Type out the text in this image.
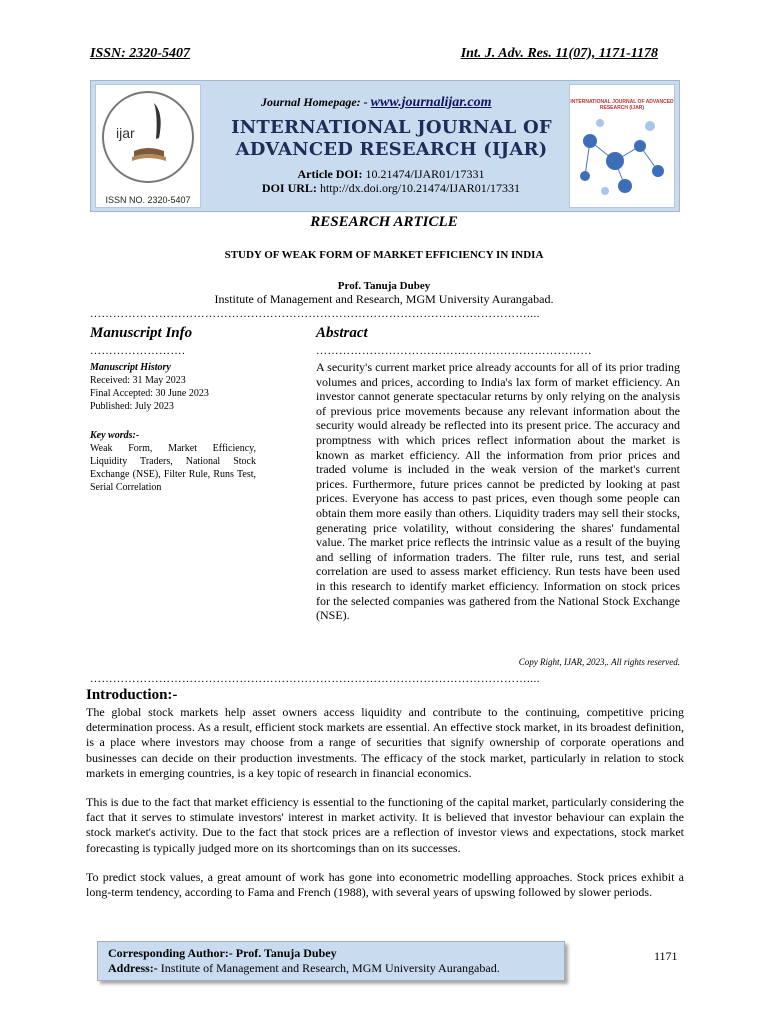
ISSN: 2320-5407	Int. J. Adv. Res. 11(07), 1171-1178
ijar
ISSN NO. 2320-5407
Journal Homepage: - www.journalijar.com
INTERNATIONAL JOURNAL OF
ADVANCED RESEARCH (IJAR)
Article DOI: 10.21474/IJAR01/17331
DOI URL: http://dx.doi.org/10.21474/IJAR01/17331
INTERNATIONAL JOURNAL OF ADVANCED RESEARCH (IJAR)
RESEARCH ARTICLE
STUDY OF WEAK FORM OF MARKET EFFICIENCY IN INDIA
Prof. Tanuja Dubey
Institute of Management and Research, MGM University Aurangabad.
……………………………………………………………………………………………………....
Manuscript Info	Abstract
…………………….	………………………………………………………………
Manuscript History
Received: 31 May 2023
Final Accepted: 30 June 2023
Published: July 2023
Key words:-
Weak Form, Market Efficiency, Liquidity Traders, National Stock Exchange (NSE), Filter Rule, Runs Test, Serial Correlation
A security's current market price already accounts for all of its prior trading volumes and prices, according to India's lax form of market efficiency. An investor cannot generate spectacular returns by only relying on the analysis of previous price movements because any relevant information about the security would already be reflected into its present price. The accuracy and promptness with which prices reflect information about the market is known as market efficiency. All the information from prior prices and traded volume is included in the weak version of the market's current prices. Furthermore, future prices cannot be predicted by looking at past prices. Everyone has access to past prices, even though some people can obtain them more easily than others. Liquidity traders may sell their stocks, generating price volatility, without considering the shares' fundamental value. The market price reflects the intrinsic value as a result of the buying and selling of information traders. The filter rule, runs test, and serial correlation are used to assess market efficiency. Run tests have been used in this research to identify market efficiency. Information on stock prices for the selected companies was gathered from the National Stock Exchange (NSE).
Copy Right, IJAR, 2023,. All rights reserved.
……………………………………………………………………………………………………....
Introduction:-
The global stock markets help asset owners access liquidity and contribute to the continuing, competitive pricing determination process. As a result, efficient stock markets are essential. An effective stock market, in its broadest definition, is a place where investors may choose from a range of securities that signify ownership of corporate operations and businesses can decide on their production investments. The efficacy of the stock market, particularly in relation to stock markets in emerging countries, is a key topic of research in financial economics.
This is due to the fact that market efficiency is essential to the functioning of the capital market, particularly considering the fact that it serves to stimulate investors' interest in market activity. It is believed that investor behaviour can explain the stock market's activity. Due to the fact that stock prices are a reflection of investor views and expectations, stock market forecasting is typically judged more on its shortcomings than on its successes.
To predict stock values, a great amount of work has gone into econometric modelling approaches. Stock prices exhibit a long-term tendency, according to Fama and French (1988), with several years of upswing followed by slower periods.
Corresponding Author:- Prof. Tanuja Dubey
Address:- Institute of Management and Research, MGM University Aurangabad.
1171
